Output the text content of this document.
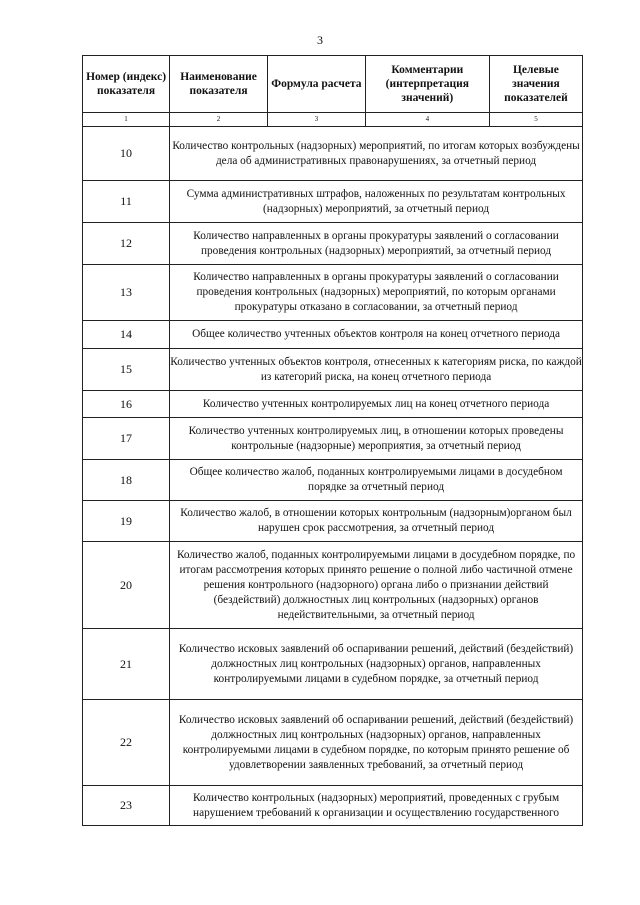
3
Номер (индекс) показателя	Наименование показателя	Формула расчета	Комментарии (интерпретация значений)	Целевые значения показателей
1	2	3	4	5
10	Количество контрольных (надзорных) мероприятий, по итогам которых возбуждены дела об административных правонарушениях, за отчетный период			
11	Сумма административных штрафов, наложенных по результатам контрольных (надзорных) мероприятий, за отчетный период			
12	Количество направленных в органы прокуратуры заявлений о согласовании проведения контрольных (надзорных) мероприятий, за отчетный период			
13	Количество направленных в органы прокуратуры заявлений о согласовании проведения контрольных (надзорных) мероприятий, по которым органами прокуратуры отказано в согласовании, за отчетный период			
14	Общее количество учтенных объектов контроля на конец отчетного периода			
15	Количество учтенных объектов контроля, отнесенных к категориям риска, по каждой из категорий риска, на конец отчетного периода			
16	Количество учтенных контролируемых лиц на конец отчетного периода			
17	Количество учтенных контролируемых лиц, в отношении которых проведены контрольные (надзорные) мероприятия, за отчетный период			
18	Общее количество жалоб, поданных контролируемыми лицами в досудебном порядке за отчетный период			
19	Количество жалоб, в отношении которых контрольным (надзорным)органом был нарушен срок рассмотрения, за отчетный период			
20	Количество жалоб, поданных контролируемыми лицами в досудебном порядке, по итогам рассмотрения которых принято решение о полной либо частичной отмене решения контрольного (надзорного) органа либо о признании действий (бездействий) должностных лиц контрольных (надзорных) органов недействительными, за отчетный период			
21	Количество исковых заявлений об оспаривании решений, действий (бездействий) должностных лиц контрольных (надзорных) органов, направленных контролируемыми лицами в судебном порядке, за отчетный период			
22	Количество исковых заявлений об оспаривании решений, действий (бездействий) должностных лиц контрольных (надзорных) органов, направленных контролируемыми лицами в судебном порядке, по которым принято решение об удовлетворении заявленных требований, за отчетный период			
23	Количество контрольных (надзорных) мероприятий, проведенных с грубым нарушением требований к организации и осуществлению государственного			
